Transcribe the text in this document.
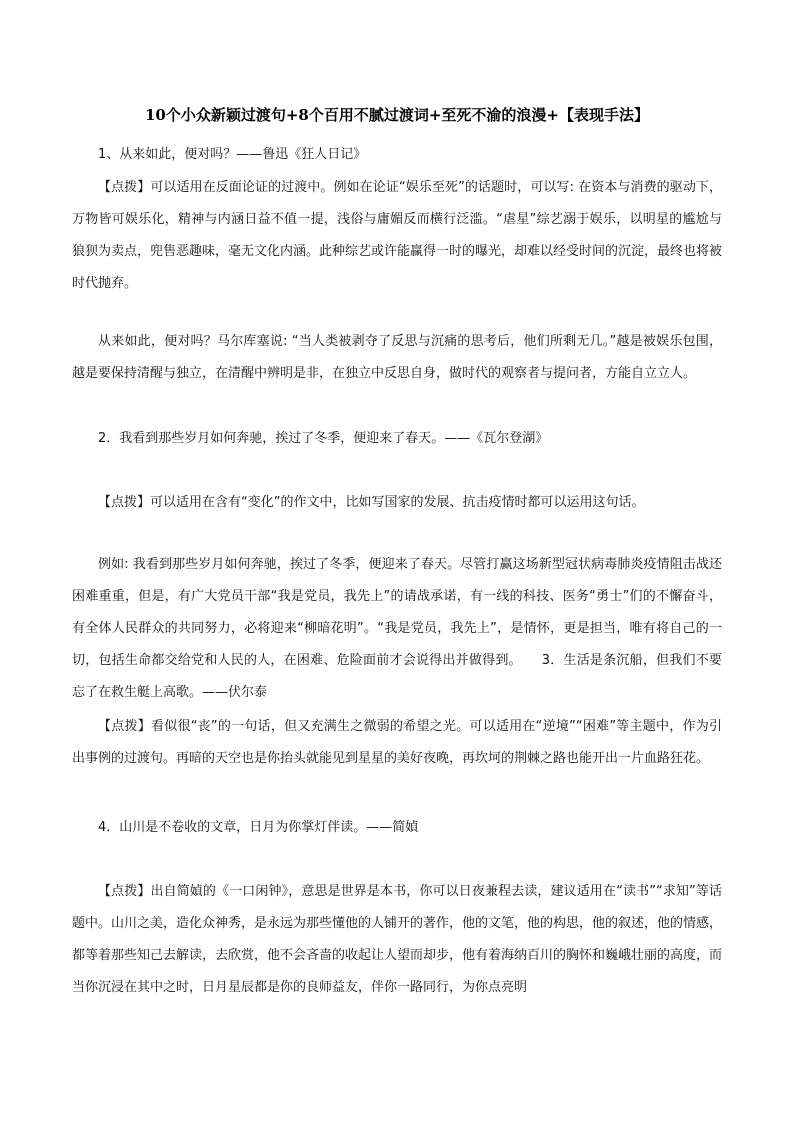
10个小众新颖过渡句+8个百用不腻过渡词+至死不渝的浪漫+【表现手法】

1、从来如此，便对吗？——鲁迅《狂人日记》

【点拨】可以适用在反面论证的过渡中。例如在论证“娱乐至死”的话题时，可以写: 在资本与消费的驱动下，万物皆可娱乐化，精神与内涵日益不值一提，浅俗与庸媚反而横行泛滥。“虐星”综艺溺于娱乐，以明星的尴尬与狼狈为卖点，兜售恶趣味，毫无文化内涵。此种综艺或许能赢得一时的曝光，却难以经受时间的沉淀，最终也将被时代抛弃。

从来如此，便对吗？马尔库塞说: “当人类被剥夺了反思与沉痛的思考后，他们所剩无几。”越是被娱乐包围，越是要保持清醒与独立，在清醒中辨明是非，在独立中反思自身，做时代的观察者与提问者，方能自立立人。

2．我看到那些岁月如何奔驰，挨过了冬季，便迎来了春天。——《瓦尔登湖》

【点拨】可以适用在含有“变化”的作文中，比如写国家的发展、抗击疫情时都可以运用这句话。

例如: 我看到那些岁月如何奔驰，挨过了冬季，便迎来了春天。尽管打赢这场新型冠状病毒肺炎疫情阻击战还困难重重，但是，有广大党员干部“我是党员，我先上”的请战承诺，有一线的科技、医务“勇士”们的不懈奋斗，有全体人民群众的共同努力，必将迎来“柳暗花明”。“我是党员，我先上”，是情怀，更是担当，唯有将自己的一切，包括生命都交给党和人民的人，在困难、危险面前才会说得出并做得到。　　3．生活是条沉船，但我们不要忘了在救生艇上高歌。——伏尔泰

【点拨】看似很“丧”的一句话，但又充满生之微弱的希望之光。可以适用在“逆境”“困难”等主题中，作为引出事例的过渡句。再暗的天空也是你抬头就能见到星星的美好夜晚，再坎坷的荆棘之路也能开出一片血路狂花。

4．山川是不卷收的文章，日月为你掌灯伴读。——简媜

【点拨】出自简媜的《一口闲钟》，意思是世界是本书，你可以日夜兼程去读，建议适用在“读书”“求知”等话题中。山川之美，造化众神秀，是永远为那些懂他的人铺开的著作，他的文笔，他的构思，他的叙述，他的情感，都等着那些知己去解读，去欣赏，他不会吝啬的收起让人望而却步，他有着海纳百川的胸怀和巍峨壮丽的高度，而当你沉浸在其中之时，日月星辰都是你的良师益友，伴你一路同行，为你点亮明
